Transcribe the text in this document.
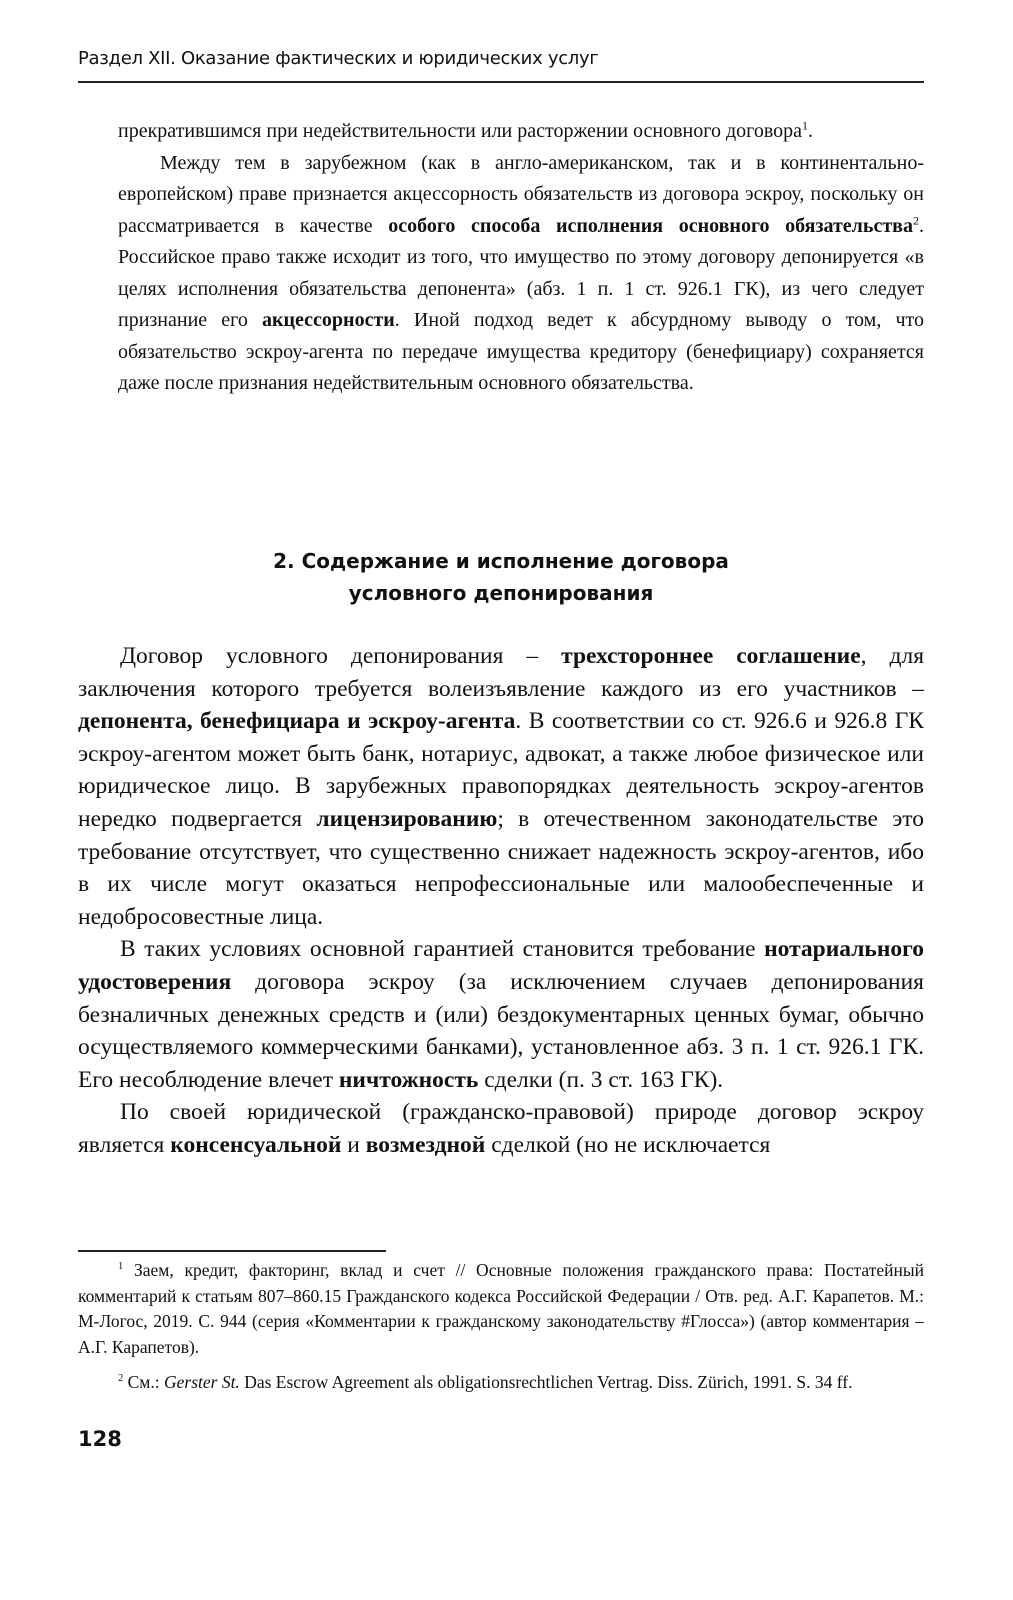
Раздел XII. Оказание фактических и юридических услуг

прекратившимся при недействительности или расторжении основного договора$^1$.

Между тем в зарубежном (как в англо-американском, так и в континентально-европейском) праве признается акцессорность обязательств из договора эскроу, поскольку он рассматривается в качестве особого способа исполнения основного обязательства$^2$. Российское право также исходит из того, что имущество по этому договору депонируется «в целях исполнения обязательства депонента» (абз. 1 п. 1 ст. 926.1 ГК), из чего следует признание его акцессорности. Иной подход ведет к абсурдному выводу о том, что обязательство эскроу-агента по передаче имущества кредитору (бенефициару) сохраняется даже после признания недействительным основного обязательства.

2. Содержание и исполнение договора
условного депонирования

Договор условного депонирования – трехстороннее соглашение, для заключения которого требуется волеизъявление каждого из его участников – депонента, бенефициара и эскроу-агента. В соответствии со ст. 926.6 и 926.8 ГК эскроу-агентом может быть банк, нотариус, адвокат, а также любое физическое или юридическое лицо. В зарубежных правопорядках деятельность эскроу-агентов нередко подвергается лицензированию; в отечественном законодательстве это требование отсутствует, что существенно снижает надежность эскроу-агентов, ибо в их числе могут оказаться непрофессиональные или малообеспеченные и недобросовестные лица.

В таких условиях основной гарантией становится требование нотариального удостоверения договора эскроу (за исключением случаев депонирования безналичных денежных средств и (или) бездокументарных ценных бумаг, обычно осуществляемого коммерческими банками), установленное абз. 3 п. 1 ст. 926.1 ГК. Его несоблюдение влечет ничтожность сделки (п. 3 ст. 163 ГК).

По своей юридической (гражданско-правовой) природе договор эскроу является консенсуальной и возмездной сделкой (но не исключается

$^1$ Заем, кредит, факторинг, вклад и счет // Основные положения гражданского права: Постатейный комментарий к статьям 807–860.15 Гражданского кодекса Российской Федерации / Отв. ред. А.Г. Карапетов. М.: М-Логос, 2019. С. 944 (серия «Комментарии к гражданскому законодательству #Глосса») (автор комментария – А.Г. Карапетов).

$^2$ См.: Gerster St. Das Escrow Agreement als obligationsrechtlichen Vertrag. Diss. Zürich, 1991. S. 34 ff.

128
